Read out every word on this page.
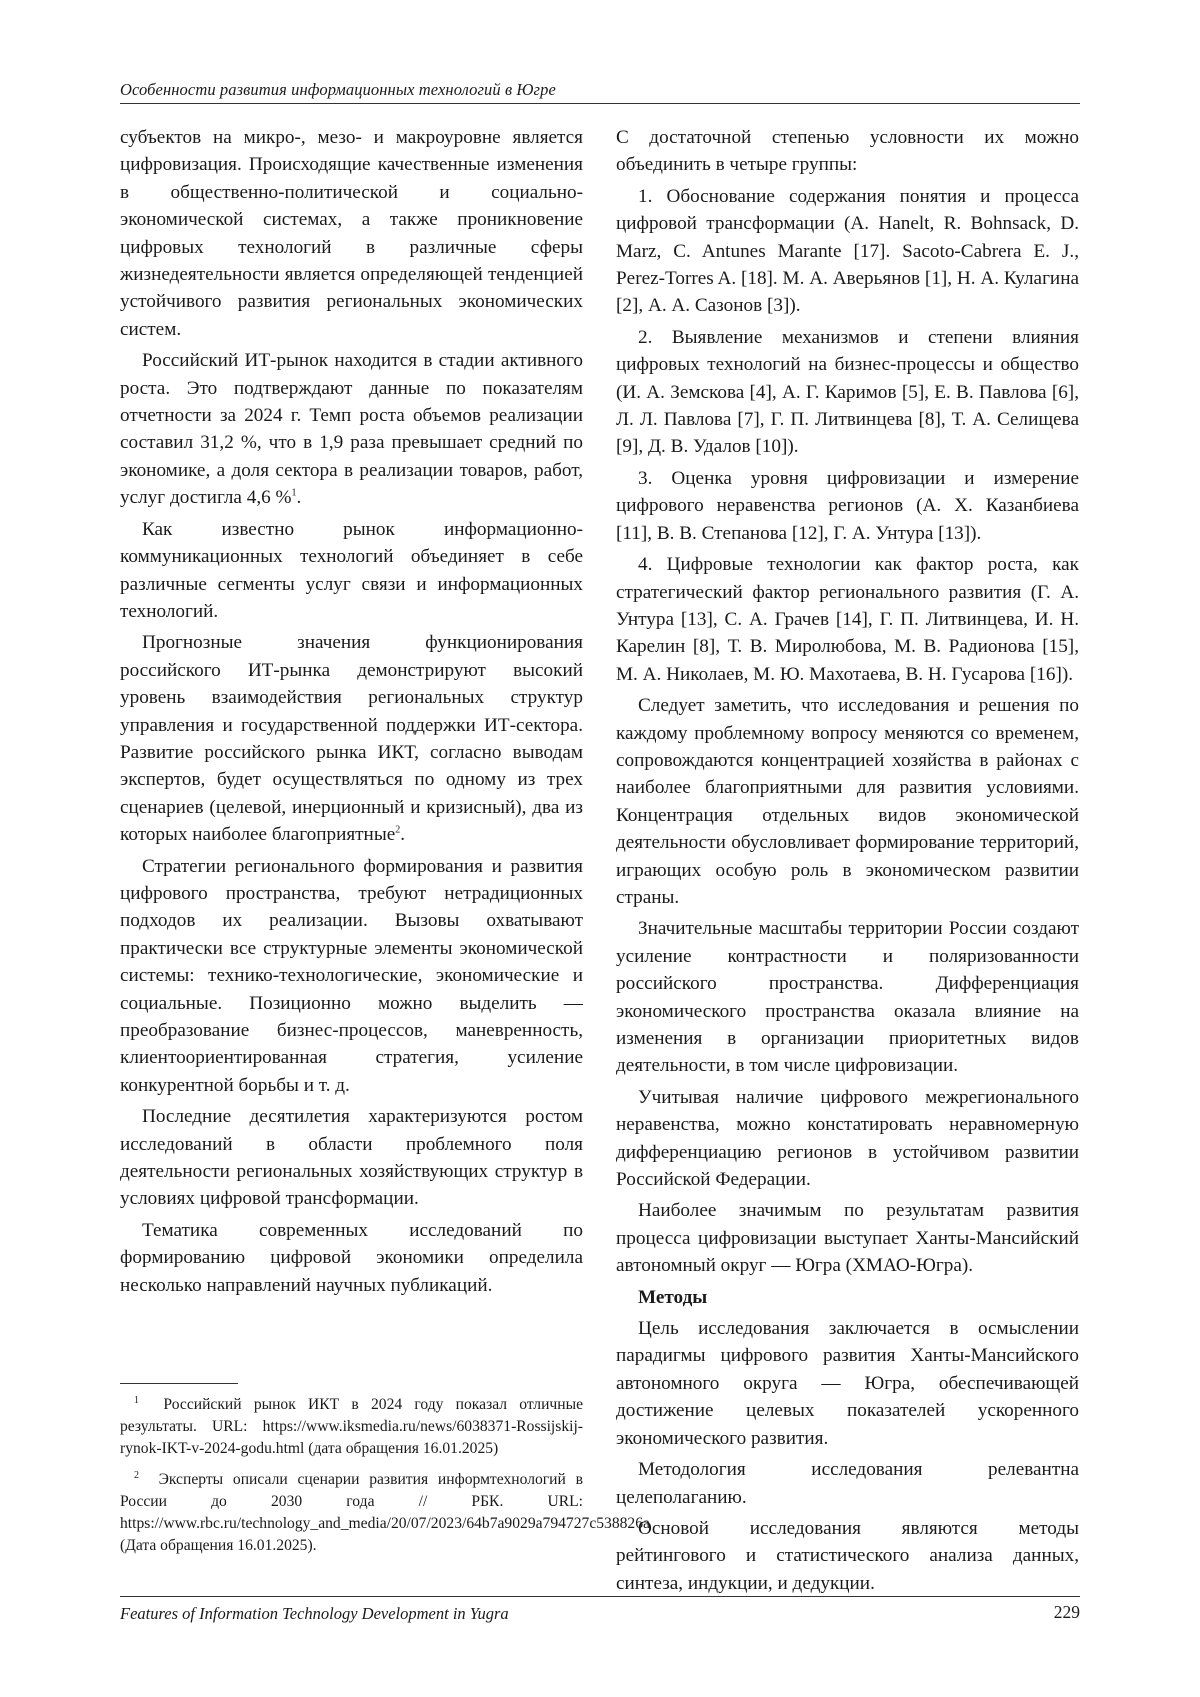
Особенности развития информационных технологий в Югре

субъектов на микро-, мезо- и макроуровне является цифровизация. Происходящие качественные изменения в общественно-политической и социально-экономической системах, а также проникновение цифровых технологий в различные сферы жизнедеятельности является определяющей тенденцией устойчивого развития региональных экономических систем.

Российский ИТ-рынок находится в стадии активного роста. Это подтверждают данные по показателям отчетности за 2024 г. Темп роста объемов реализации составил 31,2 %, что в 1,9 раза превышает средний по экономике, а доля сектора в реализации товаров, работ, услуг достигла 4,6 %$^1$.

Как известно рынок информационно-коммуникационных технологий объединяет в себе различные сегменты услуг связи и информационных технологий.

Прогнозные значения функционирования российского ИТ-рынка демонстрируют высокий уровень взаимодействия региональных структур управления и государственной поддержки ИТ-сектора. Развитие российского рынка ИКТ, согласно выводам экспертов, будет осуществляться по одному из трех сценариев (целевой, инерционный и кризисный), два из которых наиболее благоприятные$^2$.

Стратегии регионального формирования и развития цифрового пространства, требуют нетрадиционных подходов их реализации. Вызовы охватывают практически все структурные элементы экономической системы: технико-технологические, экономические и социальные. Позиционно можно выделить — преобразование бизнес-процессов, маневренность, клиентоориентированная стратегия, усиление конкурентной борьбы и т. д.

Последние десятилетия характеризуются ростом исследований в области проблемного поля деятельности региональных хозяйствующих структур в условиях цифровой трансформации.

Тематика современных исследований по формированию цифровой экономики определила несколько направлений научных публикаций.

С достаточной степенью условности их можно объединить в четыре группы:

1. Обоснование содержания понятия и процесса цифровой трансформации (A. Hanelt, R. Bohnsack, D. Marz, C. Antunes Marante [17]. Sacoto-Cabrera E. J., Perez-Torres A. [18]. М. А. Аверьянов [1], Н. А. Кулагина [2], А. А. Сазонов [3]).

2. Выявление механизмов и степени влияния цифровых технологий на бизнес-процессы и общество (И. А. Земскова [4], А. Г. Каримов [5], Е. В. Павлова [6], Л. Л. Павлова [7], Г. П. Литвинцева [8], Т. А. Селищева [9], Д. В. Удалов [10]).

3. Оценка уровня цифровизации и измерение цифрового неравенства регионов (А. Х. Казанбиева [11], В. В. Степанова [12], Г. А. Унтура [13]).

4. Цифровые технологии как фактор роста, как стратегический фактор регионального развития (Г. А. Унтура [13], С. А. Грачев [14], Г. П. Литвинцева, И. Н. Карелин [8], Т. В. Миролюбова, М. В. Радионова [15], М. А. Николаев, М. Ю. Махотаева, В. Н. Гусарова [16]).

Следует заметить, что исследования и решения по каждому проблемному вопросу меняются со временем, сопровождаются концентрацией хозяйства в районах с наиболее благоприятными для развития условиями. Концентрация отдельных видов экономической деятельности обусловливает формирование территорий, играющих особую роль в экономическом развитии страны.

Значительные масштабы территории России создают усиление контрастности и поляризованности российского пространства. Дифференциация экономического пространства оказала влияние на изменения в организации приоритетных видов деятельности, в том числе цифровизации.

Учитывая наличие цифрового межрегионального неравенства, можно констатировать неравномерную дифференциацию регионов в устойчивом развитии Российской Федерации.

Наиболее значимым по результатам развития процесса цифровизации выступает Ханты-Мансийский автономный округ — Югра (ХМАО-Югра).

Методы

Цель исследования заключается в осмыслении парадигмы цифрового развития Ханты-Мансийского автономного округа — Югра, обеспечивающей достижение целевых показателей ускоренного экономического развития.

Методология исследования релевантна целеполаганию.

Основой исследования являются методы рейтингового и статистического анализа данных, синтеза, индукции, и дедукции.

$^1$ Российский рынок ИКТ в 2024 году показал отличные результаты. URL: https://www.iksmedia.ru/news/6038371-Rossijskij-rynok-IKT-v-2024-godu.html (дата обращения 16.01.2025)
$^2$ Эксперты описали сценарии развития информтехнологий в России до 2030 года // РБК. URL: https://www.rbc.ru/technology_and_media/20/07/2023/64b7a9029a794727c538826a (Дата обращения 16.01.2025).
Features of Information Technology Development in Yugra	229
